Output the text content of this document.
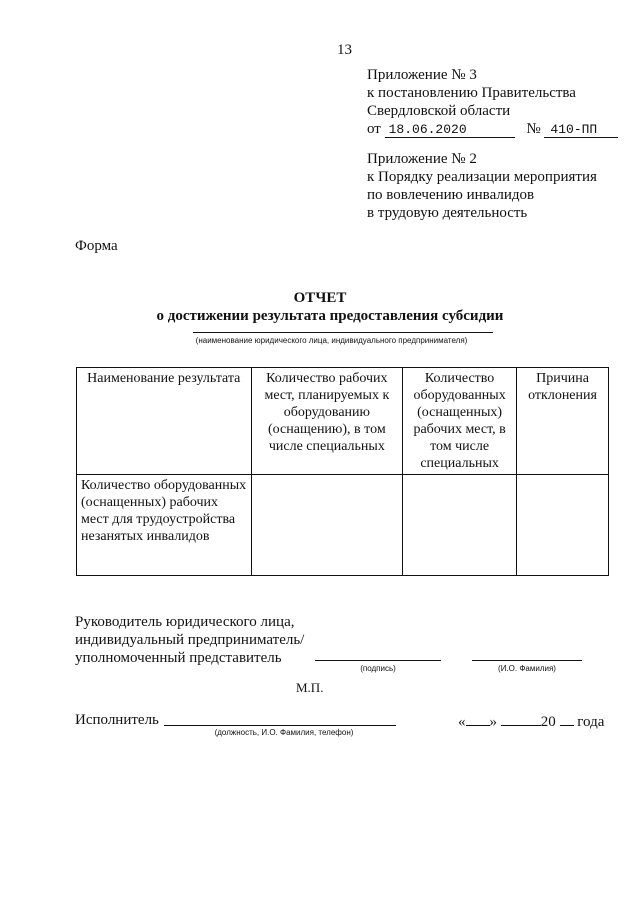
13
Приложение № 3
к постановлению Правительства
Свердловской области
от 18.06.2020	№ 410-ПП
Приложение № 2
к Порядку реализации мероприятия
по вовлечению инвалидов
в трудовую деятельность
Форма
ОТЧЕТ
о достижении результата предоставления субсидии
(наименование юридического лица, индивидуального предпринимателя)
Наименование результата	Количество рабочих мест, планируемых к оборудованию (оснащению), в том числе специальных	Количество оборудованных (оснащенных) рабочих мест, в том числе специальных	Причина отклонения
Количество оборудованных (оснащенных) рабочих мест для трудоустройства незанятых инвалидов			
Руководитель юридического лица,
индивидуальный предприниматель/
уполномоченный представитель
(подпись)	(И.О. Фамилия)
М.П.
Исполнитель
(должность, И.О. Фамилия, телефон)
« »	20 года
